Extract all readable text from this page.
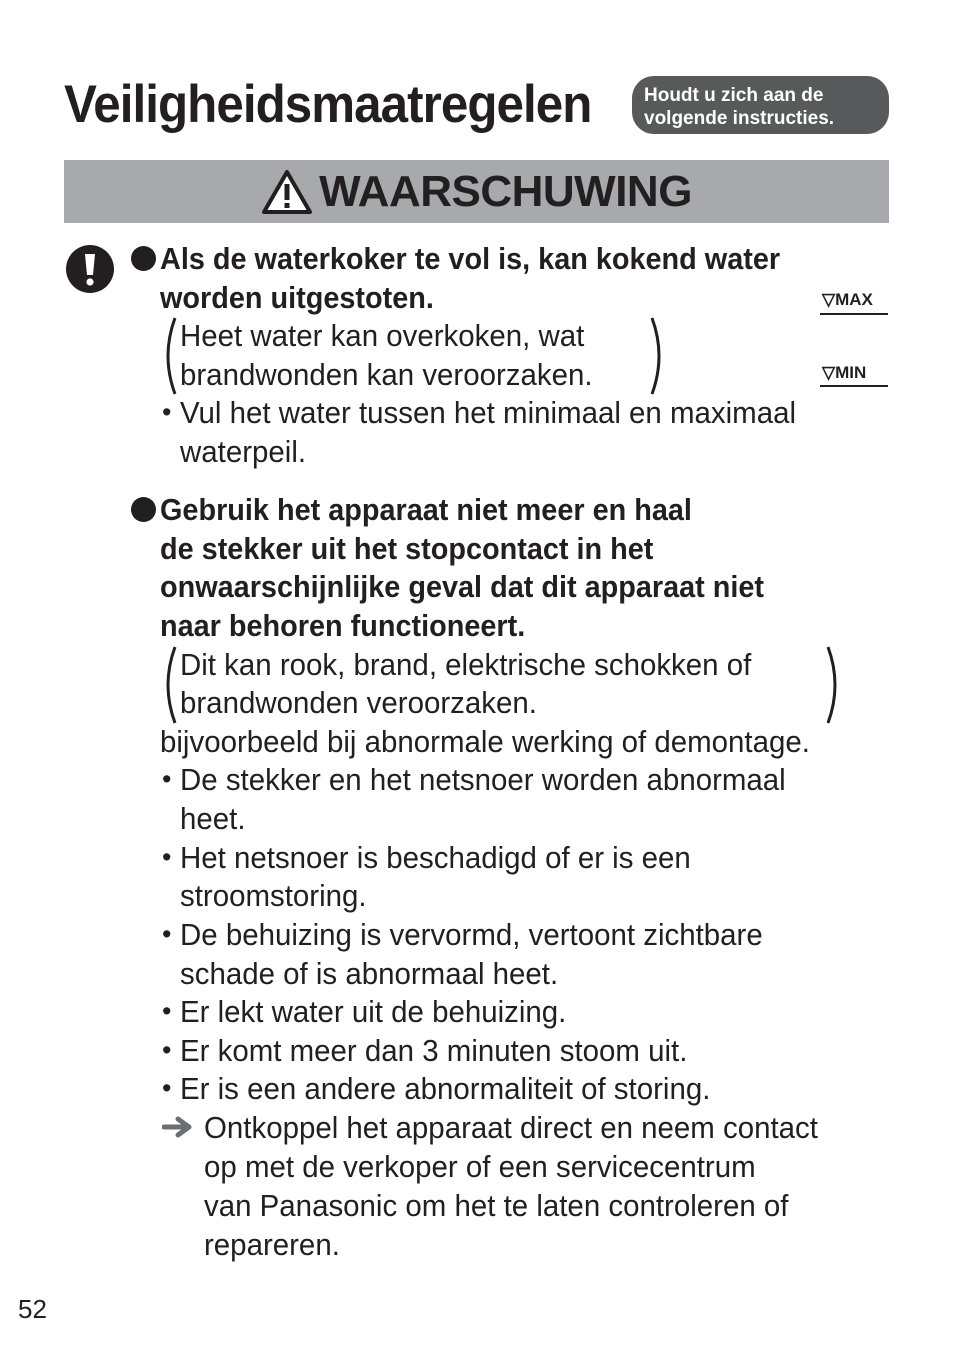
Veiligheidsmaatregelen	Houdt u zich aan de
volgende instructies.
WAARSCHUWING
Als de waterkoker te vol is, kan kokend water
worden uitgestoten.
Heet water kan overkoken, wat
brandwonden kan veroorzaken.
▽MAX
▽MIN
• Vul het water tussen het minimaal en maximaal
waterpeil.
Gebruik het apparaat niet meer en haal
de stekker uit het stopcontact in het
onwaarschijnlijke geval dat dit apparaat niet
naar behoren functioneert.
Dit kan rook, brand, elektrische schokken of
brandwonden veroorzaken.
bijvoorbeeld bij abnormale werking of demontage.
• De stekker en het netsnoer worden abnormaal
heet.
• Het netsnoer is beschadigd of er is een
stroomstoring.
• De behuizing is vervormd, vertoont zichtbare
schade of is abnormaal heet.
• Er lekt water uit de behuizing.
• Er komt meer dan 3 minuten stoom uit.
• Er is een andere abnormaliteit of storing.
Ontkoppel het apparaat direct en neem contact
op met de verkoper of een servicecentrum
van Panasonic om het te laten controleren of
repareren.
52
